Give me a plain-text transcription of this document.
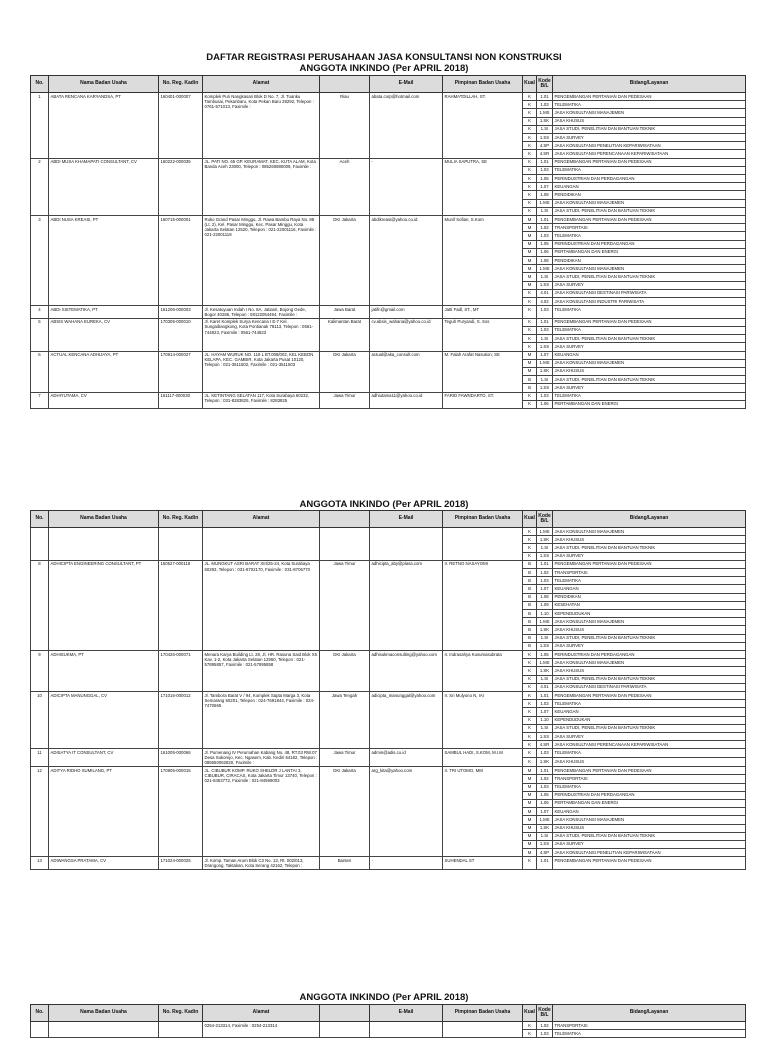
DAFTAR REGISTRASI PERUSAHAAN JASA KONSULTANSI NON KONSTRUKSI
ANGGOTA INKINDO (Per APRIL 2018)
No.	Nama Badan Usaha	No. Reg. Kadin	Alamat		E-Mail	Pimpinan Badan Usaha	Kual	Kode B/L	Bidang/Layanan
1	ABATA RENCANA KARYANDSA, PT	160401-000007	Komplek Puri Nangkasari Blok D No. 7, Jl. Tuanku Tambusai, Pekanbaru, Kota Pekan Baru 28292, Telepon : 0761-571013, Faximile :	Riau	abata.corp@hotmail.com	RAHMATDILLAH, ST.	K	1.01	PENGEMBANGAN PERTANIAN DAN PEDESAAN
							K	1.03	TELEMATIKA
							K	1.MS	JASA KONSULTANSI MANAJEMEN
							K	1.SK	JASA KHUSUS
							K	1.SI	JASA STUDI, PENELITIAN DAN BANTUAN TEKNIK
							K	1.SS	JASA SURVEY
							K	4.SP	JASA KONSULTANSI PENELITIAN KEPARIWISATAAN
							K	4.SR	JASA KONSULTANSI PERENCANAAN KEPARIWISATAAN
2	ABDI MUSA KHAMAPATI CONSULTANT, CV	160222-000035	JL. PATI NO. 65 GP. KEURAMAT, KEC. KUTA ALAM, Kota Banda Aceh 23000, Telepon : 085260880009, Faximile :	Aceh	-	MULIA SAPUTRA, SE	K	1.01	PENGEMBANGAN PERTANIAN DAN PEDESAAN
							K	1.03	TELEMATIKA
							K	1.05	PERINDUSTRIAN DAN PERDAGANGAN
							K	1.07	KEUANGAN
							K	1.08	PENDIDIKAN
							K	1.MS	JASA KONSULTANSI MANAJEMEN
							K	1.SI	JASA STUDI, PENELITIAN DAN BANTUAN TEKNIK
3	ABDI NUSA KREASI, PT	160715-000001	Ruko Grand Pasar Minggu, Jl. Rawa Bambu Raya No. 88 (Lt. 2), Kel. Pasar Minggu, Kec. Pasar Minggu, Kota Jakarta Selatan 12520, Telepon : 021-22001116, Faximile : 021-22001118	DKI Jakarta	abdikreasi@yahoo.co.id	Munif Sofian, S.Kom	M	1.01	PENGEMBANGAN PERTANIAN DAN PEDESAAN
							M	1.02	TRANSPORTASI
							M	1.03	TELEMATIKA
							M	1.05	PERINDUSTRIAN DAN PERDAGANGAN
							M	1.06	PERTAMBANGAN DAN ENERGI
							M	1.08	PENDIDIKAN
							M	1.MS	JASA KONSULTANSI MANAJEMEN
							M	1.SI	JASA STUDI, PENELITIAN DAN BANTUAN TEKNIK
							M	1.SS	JASA SURVEY
							K	4.01	JASA KONSULTANSI DESTINASI PARIWISATA
							K	4.02	JASA KONSULTANSI INDUSTRI PARIWISATA
4	ABDI SISTEMATIKA, PT	161206-000003	Jl. Kesatuyuan Indah I No. 8A, Jatiasri, Bojong Gede, Bogor 40286, Telepon : 08122054494, Faximile :	Jawa Barat	jatifn@gmail.com	Jatti Fadl, ST., MT	K	1.03	TELEMATIKA
5	ABSIS WAHANA EUREKA, CV	170305-000010	Jl. Karet Komplek Surya Kencana I E-7 Kel. Sungaibangkong, Kota Pontianak 78113, Telepon : 0561-744823, Faximile : 0561-744823	Kalimantan Barat	cv.absis_wahana@yahoo.co.id	Teguh Puryandi, S. Sos	K	1.01	PENGEMBANGAN PERTANIAN DAN PEDESAAN
							K	1.03	TELEMATIKA
							K	1.SI	JASA STUDI, PENELITIAN DAN BANTUAN TEKNIK
							K	1.SS	JASA SURVEY
6	ACTUAL KENCANA ADHIJAYA, PT	170914-000027	JL. HAYAM WURUK NO. 118 L BT.008/002, KEL KEBON KELAPA, KEC. GAMBIR, Kota Jakarta Pusat 10120, Telepon : 021-3511502, Faximile : 021-3511503	DKI Jakarta	actual@aka_consult.com	M. Falah Arafat Nasution, SE	M	1.07	KEUANGAN
							M	1.MS	JASA KONSULTANSI MANAJEMEN
							M	1.SK	JASA KHUSUS
							B	1.SI	JASA STUDI, PENELITIAN DAN BANTUAN TEKNIK
							B	1.SS	JASA SURVEY
7	ADHIYUTAMA, CV	161117-000030	JL. KETINTANG SELATAN 117, Kota Surabaya 60232, Telepon : 031-8283825, Faximile : 8283825	Jawa Timur	adhiutama11@yahoo.co.id	FARID FAWNDARTO, ST.	K	1.03	TELEMATIKA
							K	1.06	PERTAMBANGAN DAN ENERGI
ANGGOTA INKINDO (Per APRIL 2018)
No.	Nama Badan Usaha	No. Reg. Kadin	Alamat		E-Mail	Pimpinan Badan Usaha	Kual	Kode B/L	Bidang/Layanan
							K	1.MS	JASA KONSULTANSI MANAJEMEN
							K	1.SK	JASA KHUSUS
							K	1.SI	JASA STUDI, PENELITIAN DAN BANTUAN TEKNIK
							K	1.SS	JASA SURVEY
8	ADHICIPTA ENGINEERING CONSULTANT, PT	150527-000118	JL. MUNGKUT ASRI BARAT XIII/25-24, Kota Surabaya 60293, Telepon : 031-8702170, Faximile : 031-8706770	Jawa Timur	adhicipta_aby@plasa.com	Ir. RETNO NASAYOMI	B	1.01	PENGEMBANGAN PERTANIAN DAN PEDESAAN
							B	1.02	TRANSPORTASI
							B	1.03	TELEMATIKA
							B	1.07	KEUANGAN
							B	1.08	PENDIDIKAN
							B	1.09	KESEHATAN
							B	1.10	KEPENDUDUKAN
							B	1.MS	JASA KONSULTANSI MANAJEMEN
							B	1.SK	JASA KHUSUS
							B	1.SI	JASA STUDI, PENELITIAN DAN BANTUAN TEKNIK
							B	1.SS	JASA SURVEY
9	ADHISUKMA, PT	170426-000071	Menara Karya Building Lt. 28, Jl. HR. Rasuna Said Blok X5 Kav. 1-2, Kota Jakarta Selatan 12950, Telepon : 021-57895857, Faximile : 021-57895858	DKI Jakarta	adhisukmaconsulting@yahoo.com	Ir. Indrasahya Kusumasubrata	K	1.05	PERINDUSTRIAN DAN PERDAGANGAN
							K	1.MS	JASA KONSULTANSI MANAJEMEN
							K	1.SK	JASA KHUSUS
							K	1.SI	JASA STUDI, PENELITIAN DAN BANTUAN TEKNIK
							K	4.01	JASA KONSULTANSI DESTINASI PARIWISATA
10	ADICIPTA MANUNGGAL, CV	171016-000012	Jl. Tambora Barat V / 94, Komplek Sapta Marga 3, Kota Semarang 50201, Telepon : 024-7691844, Faximile : 024-7470665	Jawa Tengah	adicipta_manunggal@yahoo.com	Ir. Sri Mulyono N, IAI	K	1.01	PENGEMBANGAN PERTANIAN DAN PEDESAAN
							K	1.03	TELEMATIKA
							K	1.07	KEUANGAN
							K	1.10	KEPENDUDUKAN
							K	1.SI	JASA STUDI, PENELITIAN DAN BANTUAN TEKNIK
							K	1.SS	JASA SURVEY
							K	4.SR	JASA KONSULTANSI PERENCANAAN KEPARIWISATAAN
11	ADISATYA IT CONSULTANT, CV	161005-000066	Jl. Pumenang IV Perumahan Kabang No. 48, RT.03 RW.07 Desa Sukorejo, Kec. Ngasem, Kab. Kediri 64182, Telepon : 085650062820, Faximile :	Jawa Timur	admin@adis.co.id	SAMBUL HADI, S.KOM, M.I.M	K	1.03	TELEMATIKA
							K	1.SK	JASA KHUSUS
12	ADITYA RIDHO SUMILANG, PT	170905-000015	JL. CIBUBUR KOMP. RUKO SHELDR J LANTAI 3, CIBUBUR, CIRACAS, Kota Jakarta Timur 13740, Telepon : 021-8453772, Faximile : 021-84599003	DKI Jakarta	arg_kita@yahoo.com	Ir. TRI UTOMO, MM	M	1.01	PENGEMBANGAN PERTANIAN DAN PEDESAAN
							M	1.02	TRANSPORTASI
							M	1.03	TELEMATIKA
							M	1.05	PERINDUSTRIAN DAN PERDAGANGAN
							M	1.06	PERTAMBANGAN DAN ENERGI
							M	1.07	KEUANGAN
							M	1.MS	JASA KONSULTANSI MANAJEMEN
							M	1.SK	JASA KHUSUS
							M	1.SI	JASA STUDI, PENELITIAN DAN BANTUAN TEKNIK
							M	1.SS	JASA SURVEY
							M	4.SP	JASA KONSULTANSI PENELITIAN KEPARIWISATAAN
13	ADIWANGSA PRATAMA, CV	171024-000025	Jl. Komp. Taman Arum Blok C3 No. 13, Rt. 002/013, Drangong, Taktakan, Kota Serang 42162, Telepon :	Banten	-	SUHENDAL ST	K	1.01	PENGEMBANGAN PERTANIAN DAN PEDESAAN
ANGGOTA INKINDO (Per APRIL 2018)
No.	Nama Badan Usaha	No. Reg. Kadin	Alamat		E-Mail	Pimpinan Badan Usaha	Kual	Kode B/L	Bidang/Layanan
			0254-213314, Faximile : 0254-213314				K	1.02	TRANSPORTASI
							K	1.03	TELEMATIKA
